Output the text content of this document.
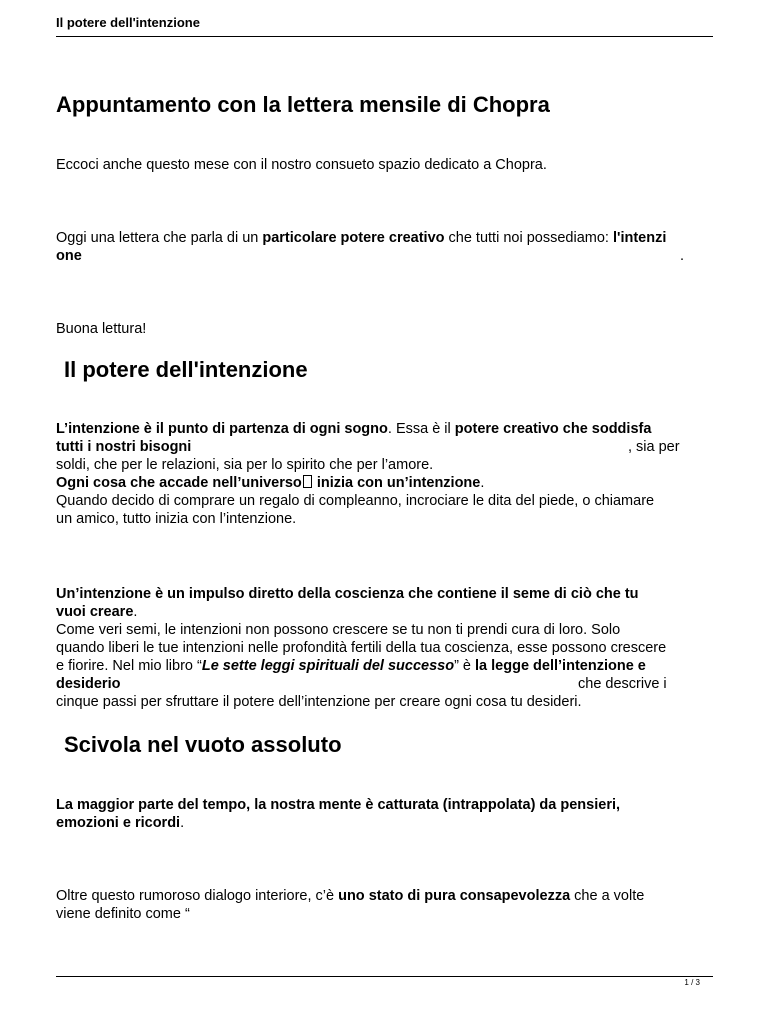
Il potere dell'intenzione
Appuntamento con la lettera mensile di Chopra
Eccoci anche questo mese con il nostro consueto spazio dedicato a Chopra.
Oggi una lettera che parla di un particolare potere creativo che tutti noi possediamo: l'intenzi
one	.
Buona lettura!
Il potere dell'intenzione
L’intenzione è il punto di partenza di ogni sogno. Essa è il potere creativo che soddisfa
tutti i nostri bisogni	, sia per
soldi, che per le relazioni, sia per lo spirito che per l’amore.
Ogni cosa che accade nell’universo inizia con un’intenzione.
Quando decido di comprare un regalo di compleanno, incrociare le dita del piede, o chiamare
un amico, tutto inizia con l’intenzione.
Un’intenzione è un impulso diretto della coscienza che contiene il seme di ciò che tu
vuoi creare.
Come veri semi, le intenzioni non possono crescere se tu non ti prendi cura di loro. Solo
quando liberi le tue intenzioni nelle profondità fertili della tua coscienza, esse possono crescere
e fiorire. Nel mio libro “Le sette leggi spirituali del successo” è la legge dell’intenzione e
desiderio	che descrive i
cinque passi per sfruttare il potere dell’intenzione per creare ogni cosa tu desideri.
Scivola nel vuoto assoluto
La maggior parte del tempo, la nostra mente è catturata (intrappolata) da pensieri,
emozioni e ricordi.
Oltre questo rumoroso dialogo interiore, c’è uno stato di pura consapevolezza che a volte
viene definito come “
1 / 3
